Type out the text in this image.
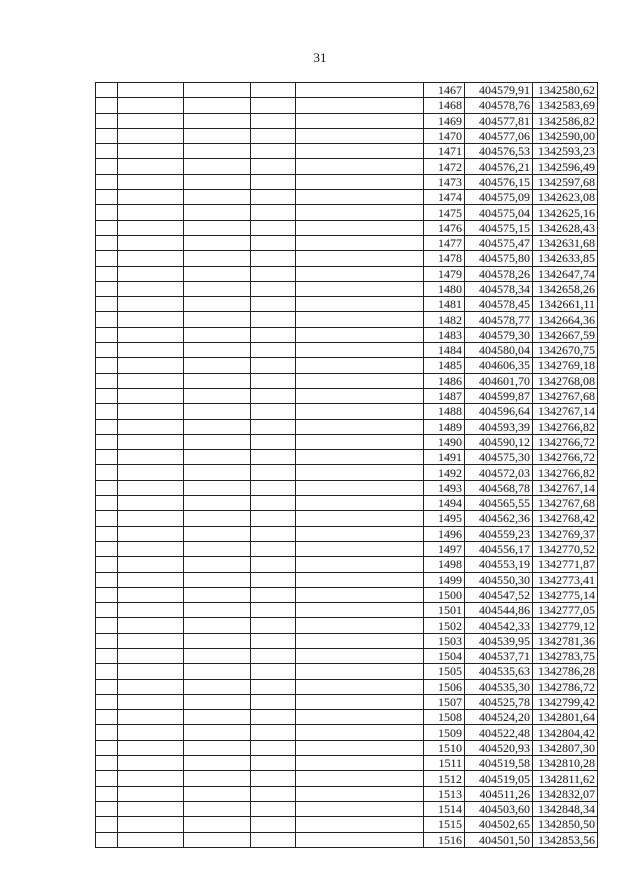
31
					1467	404579,91	1342580,62
					1468	404578,76	1342583,69
					1469	404577,81	1342586,82
					1470	404577,06	1342590,00
					1471	404576,53	1342593,23
					1472	404576,21	1342596,49
					1473	404576,15	1342597,68
					1474	404575,09	1342623,08
					1475	404575,04	1342625,16
					1476	404575,15	1342628,43
					1477	404575,47	1342631,68
					1478	404575,80	1342633,85
					1479	404578,26	1342647,74
					1480	404578,34	1342658,26
					1481	404578,45	1342661,11
					1482	404578,77	1342664,36
					1483	404579,30	1342667,59
					1484	404580,04	1342670,75
					1485	404606,35	1342769,18
					1486	404601,70	1342768,08
					1487	404599,87	1342767,68
					1488	404596,64	1342767,14
					1489	404593,39	1342766,82
					1490	404590,12	1342766,72
					1491	404575,30	1342766,72
					1492	404572,03	1342766,82
					1493	404568,78	1342767,14
					1494	404565,55	1342767,68
					1495	404562,36	1342768,42
					1496	404559,23	1342769,37
					1497	404556,17	1342770,52
					1498	404553,19	1342771,87
					1499	404550,30	1342773,41
					1500	404547,52	1342775,14
					1501	404544,86	1342777,05
					1502	404542,33	1342779,12
					1503	404539,95	1342781,36
					1504	404537,71	1342783,75
					1505	404535,63	1342786,28
					1506	404535,30	1342786,72
					1507	404525,78	1342799,42
					1508	404524,20	1342801,64
					1509	404522,48	1342804,42
					1510	404520,93	1342807,30
					1511	404519,58	1342810,28
					1512	404519,05	1342811,62
					1513	404511,26	1342832,07
					1514	404503,60	1342848,34
					1515	404502,65	1342850,50
					1516	404501,50	1342853,56
